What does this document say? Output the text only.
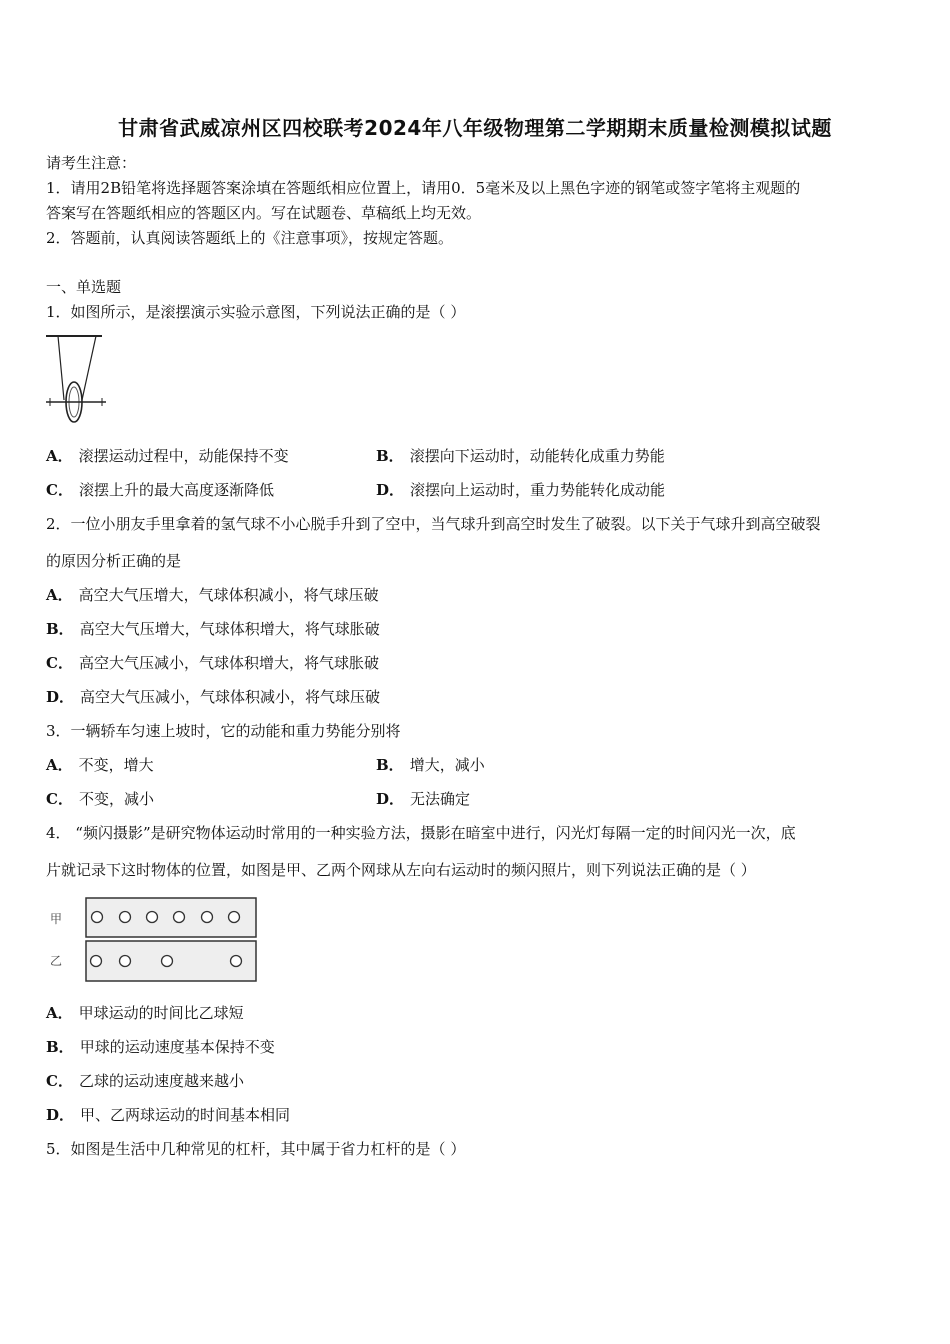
甘肃省武威凉州区四校联考2024年八年级物理第二学期期末质量检测模拟试题
请考生注意：
1．请用2B铅笔将选择题答案涂填在答题纸相应位置上，请用0．5毫米及以上黑色字迹的钢笔或签字笔将主观题的
答案写在答题纸相应的答题区内。写在试题卷、草稿纸上均无效。
2．答题前，认真阅读答题纸上的《注意事项》，按规定答题。
一、单选题
1．如图所示，是滚摆演示实验示意图，下列说法正确的是（ ）
A． 滚摆运动过程中，动能保持不变	B． 滚摆向下运动时，动能转化成重力势能
C． 滚摆上升的最大高度逐渐降低	D． 滚摆向上运动时，重力势能转化成动能
2．一位小朋友手里拿着的氢气球不小心脱手升到了空中，当气球升到高空时发生了破裂。以下关于气球升到高空破裂
的原因分析正确的是
A． 高空大气压增大，气球体积减小，将气球压破
B． 高空大气压增大，气球体积增大，将气球胀破
C． 高空大气压减小，气球体积增大，将气球胀破
D． 高空大气压减小，气球体积减小，将气球压破
3．一辆轿车匀速上坡时，它的动能和重力势能分别将
A． 不变，增大	B． 增大，减小
C． 不变，减小	D． 无法确定
4． “频闪摄影”是研究物体运动时常用的一种实验方法，摄影在暗室中进行，闪光灯每隔一定的时间闪光一次，底
片就记录下这时物体的位置，如图是甲、乙两个网球从左向右运动时的频闪照片，则下列说法正确的是（ ）
甲
乙
A． 甲球运动的时间比乙球短
B． 甲球的运动速度基本保持不变
C． 乙球的运动速度越来越小
D． 甲、乙两球运动的时间基本相同
5．如图是生活中几种常见的杠杆，其中属于省力杠杆的是（ ）
